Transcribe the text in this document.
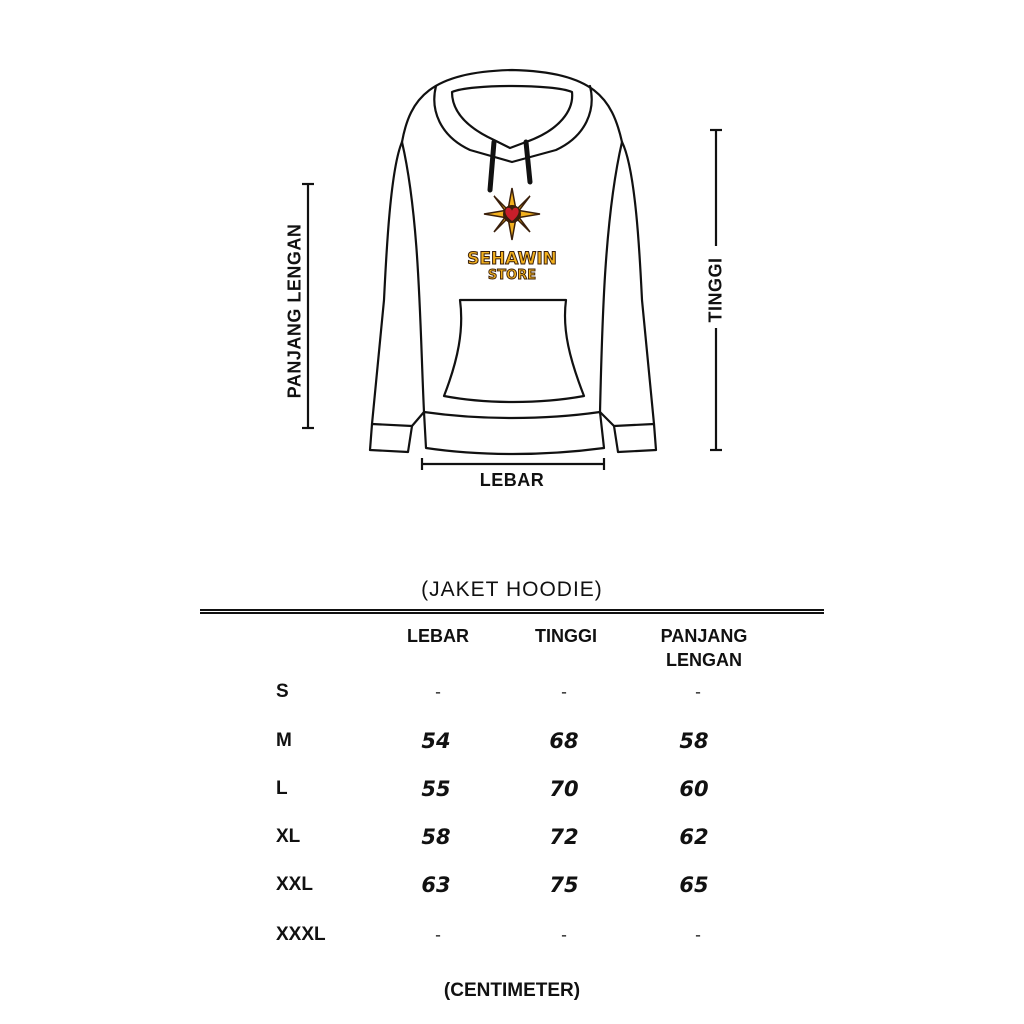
SEHAWIN
STORE
PANJANG LENGAN	TINGGI
LEBAR
(JAKET HOODIE)
LEBAR	TINGGI	PANJANG
LENGAN
S	-	-	-
M	54	68	58
L	55	70	60
XL	58	72	62
XXL	63	75	65
XXXL	-	-	-
(CENTIMETER)
